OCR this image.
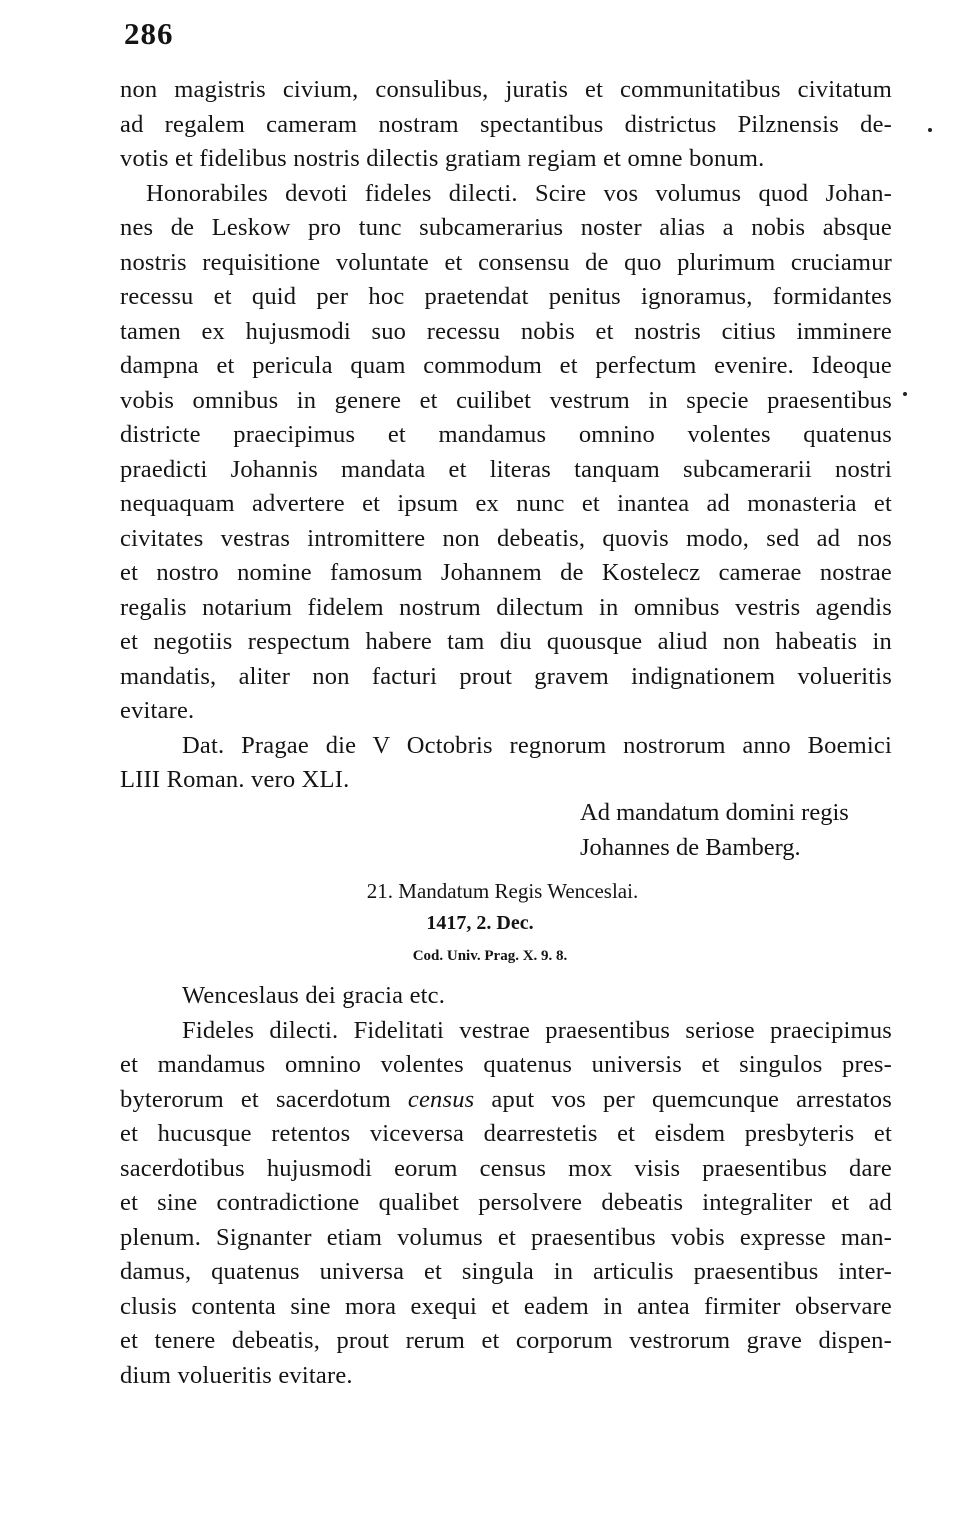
286
non magistris civium, consulibus, juratis et communitatibus civitatum
ad regalem cameram nostram spectantibus districtus Pilznensis de-
votis et fidelibus nostris dilectis gratiam regiam et omne bonum.
Honorabiles devoti fideles dilecti. Scire vos volumus quod Johan-
nes de Leskow pro tunc subcamerarius noster alias a nobis absque
nostris requisitione voluntate et consensu de quo plurimum cruciamur
recessu et quid per hoc praetendat penitus ignoramus, formidantes
tamen ex hujusmodi suo recessu nobis et nostris citius imminere
dampna et pericula quam commodum et perfectum evenire. Ideoque
vobis omnibus in genere et cuilibet vestrum in specie praesentibus
districte praecipimus et mandamus omnino volentes quatenus
praedicti Johannis mandata et literas tanquam subcamerarii nostri
nequaquam advertere et ipsum ex nunc et inantea ad monasteria et
civitates vestras intromittere non debeatis, quovis modo, sed ad nos
et nostro nomine famosum Johannem de Kostelecz camerae nostrae
regalis notarium fidelem nostrum dilectum in omnibus vestris agendis
et negotiis respectum habere tam diu quousque aliud non habeatis in
mandatis, aliter non facturi prout gravem indignationem volueritis
evitare.
Dat. Pragae die V Octobris regnorum nostrorum anno Boemici
LIII Roman. vero XLI.
Ad mandatum domini regis
Johannes de Bamberg.
21. Mandatum Regis Wenceslai.
1417, 2. Dec.
Cod. Univ. Prag. X. 9. 8.
Wenceslaus dei gracia etc.
Fideles dilecti. Fidelitati vestrae praesentibus seriose praecipimus
et mandamus omnino volentes quatenus universis et singulos pres-
byterorum et sacerdotum census aput vos per quemcunque arrestatos
et hucusque retentos viceversa dearrestetis et eisdem presbyteris et
sacerdotibus hujusmodi eorum census mox visis praesentibus dare
et sine contradictione qualibet persolvere debeatis integraliter et ad
plenum. Signanter etiam volumus et praesentibus vobis expresse man-
damus, quatenus universa et singula in articulis praesentibus inter-
clusis contenta sine mora exequi et eadem in antea firmiter observare
et tenere debeatis, prout rerum et corporum vestrorum grave dispen-
dium volueritis evitare.
